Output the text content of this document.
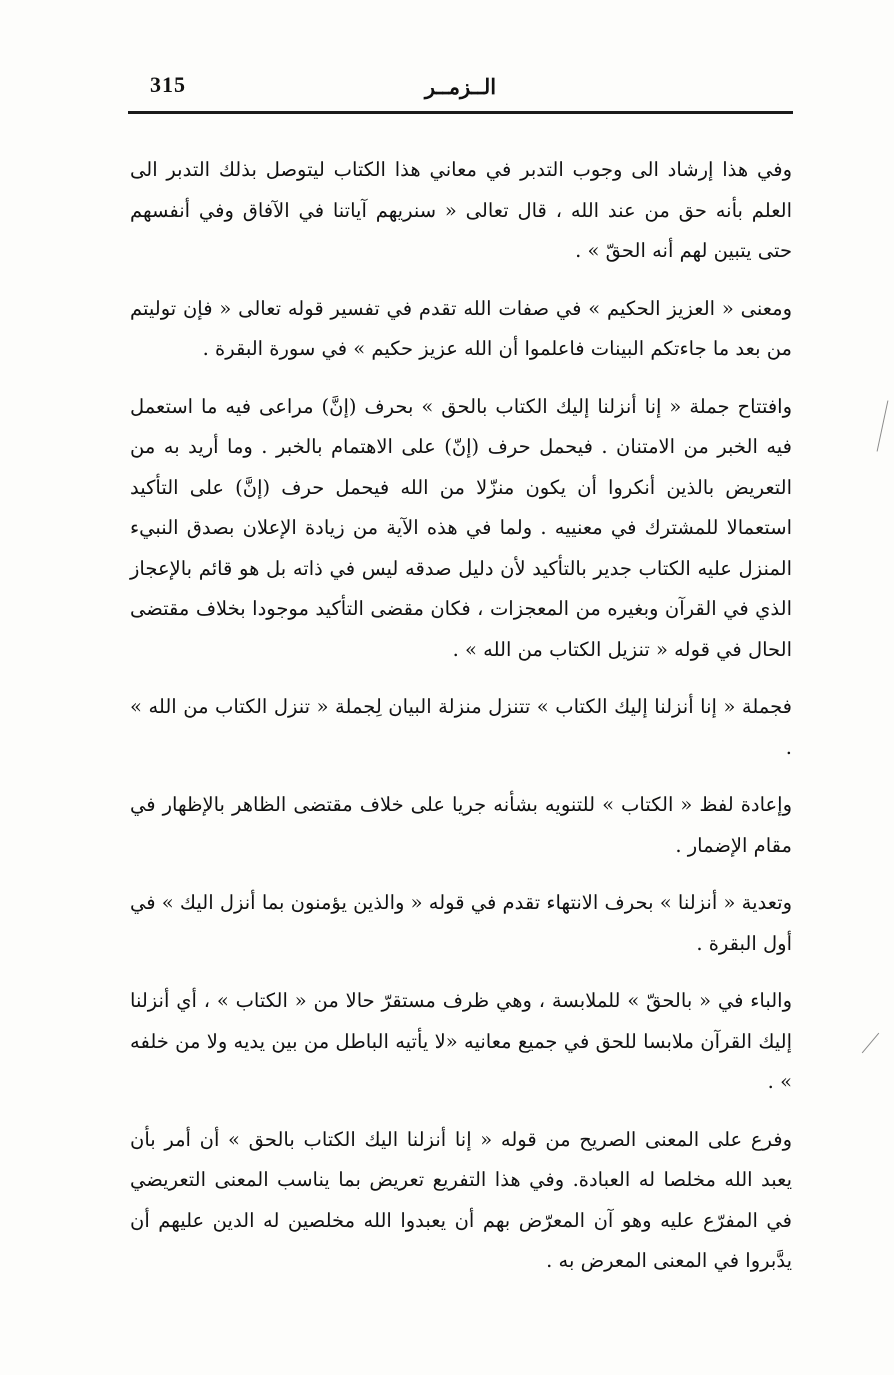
315	الــزمــر

وفي هذا إرشاد الى وجوب التدبر في معاني هذا الكتاب ليتوصل بذلك التدبر الى العلم بأنه حق من عند الله ، قال تعالى « سنريهم آياتنا في الآفاق وفي أنفسهم حتى يتبين لهم أنه الحقّ » .

ومعنى « العزيز الحكيم » في صفات الله تقدم في تفسير قوله تعالى « فإن توليتم من بعد ما جاءتكم البينات فاعلموا أن الله عزيز حكيم » في سورة البقرة .

وافتتاح جملة « إنا أنزلنا إليك الكتاب بالحق » بحرف (إنَّ) مراعى فيه ما استعمل فيه الخبر من الامتنان . فيحمل حرف (إنّ) على الاهتمام بالخبر . وما أريد به من التعريض بالذين أنكروا أن يكون منزّلا من الله فيحمل حرف (إنَّ) على التأكيد استعمالا للمشترك في معنييه . ولما في هذه الآية من زيادة الإعلان بصدق النبيء المنزل عليه الكتاب جدير بالتأكيد لأن دليل صدقه ليس في ذاته بل هو قائم بالإعجاز الذي في القرآن وبغيره من المعجزات ، فكان مقضى التأكيد موجودا بخلاف مقتضى الحال في قوله « تنزيل الكتاب من الله » .

فجملة « إنا أنزلنا إليك الكتاب » تتنزل منزلة البيان لِجملة « تنزل الكتاب من الله » .

وإعادة لفظ « الكتاب » للتنويه بشأنه جريا على خلاف مقتضى الظاهر بالإظهار في مقام الإضمار .

وتعدية « أنزلنا » بحرف الانتهاء تقدم في قوله « والذين يؤمنون بما أنزل اليك » في أول البقرة .

والباء في « بالحقّ » للملابسة ، وهي ظرف مستقرّ حالا من « الكتاب » ، أي أنزلنا إليك القرآن ملابسا للحق في جميع معانيه «لا يأتيه الباطل من بين يديه ولا من خلفه » .

وفرع على المعنى الصريح من قوله « إنا أنزلنا اليك الكتاب بالحق » أن أمر بأن يعبد الله مخلصا له العبادة. وفي هذا التفريع تعريض بما يناسب المعنى التعريضي في المفرّع عليه وهو آن المعرّض بهم أن يعبدوا الله مخلصين له الدين عليهم أن يدَّبروا في المعنى المعرض به .
